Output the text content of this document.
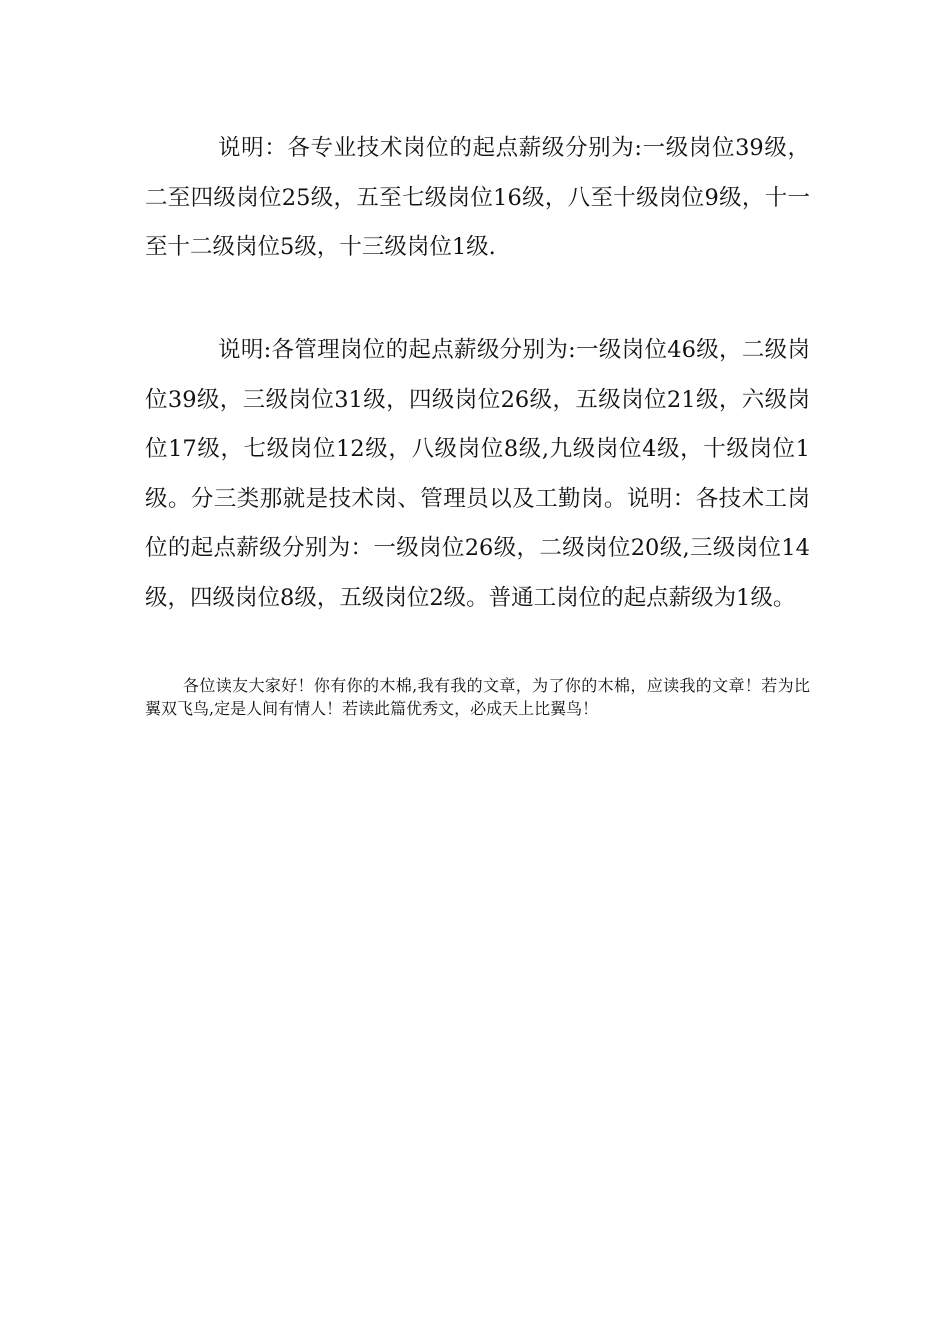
说明：各专业技术岗位的起点薪级分别为:一级岗位39级，二至四级岗位25级，五至七级岗位16级，八至十级岗位9级，十一至十二级岗位5级，十三级岗位1级.

说明:各管理岗位的起点薪级分别为:一级岗位46级，二级岗位39级，三级岗位31级，四级岗位26级，五级岗位21级，六级岗位17级，七级岗位12级，八级岗位8级,九级岗位4级，十级岗位1级。分三类那就是技术岗、管理员以及工勤岗。说明：各技术工岗位的起点薪级分别为：一级岗位26级，二级岗位20级,三级岗位14级，四级岗位8级，五级岗位2级。普通工岗位的起点薪级为1级。

各位读友大家好！你有你的木棉,我有我的文章，为了你的木棉，应读我的文章！若为比翼双飞鸟,定是人间有情人！若读此篇优秀文，必成天上比翼鸟！
